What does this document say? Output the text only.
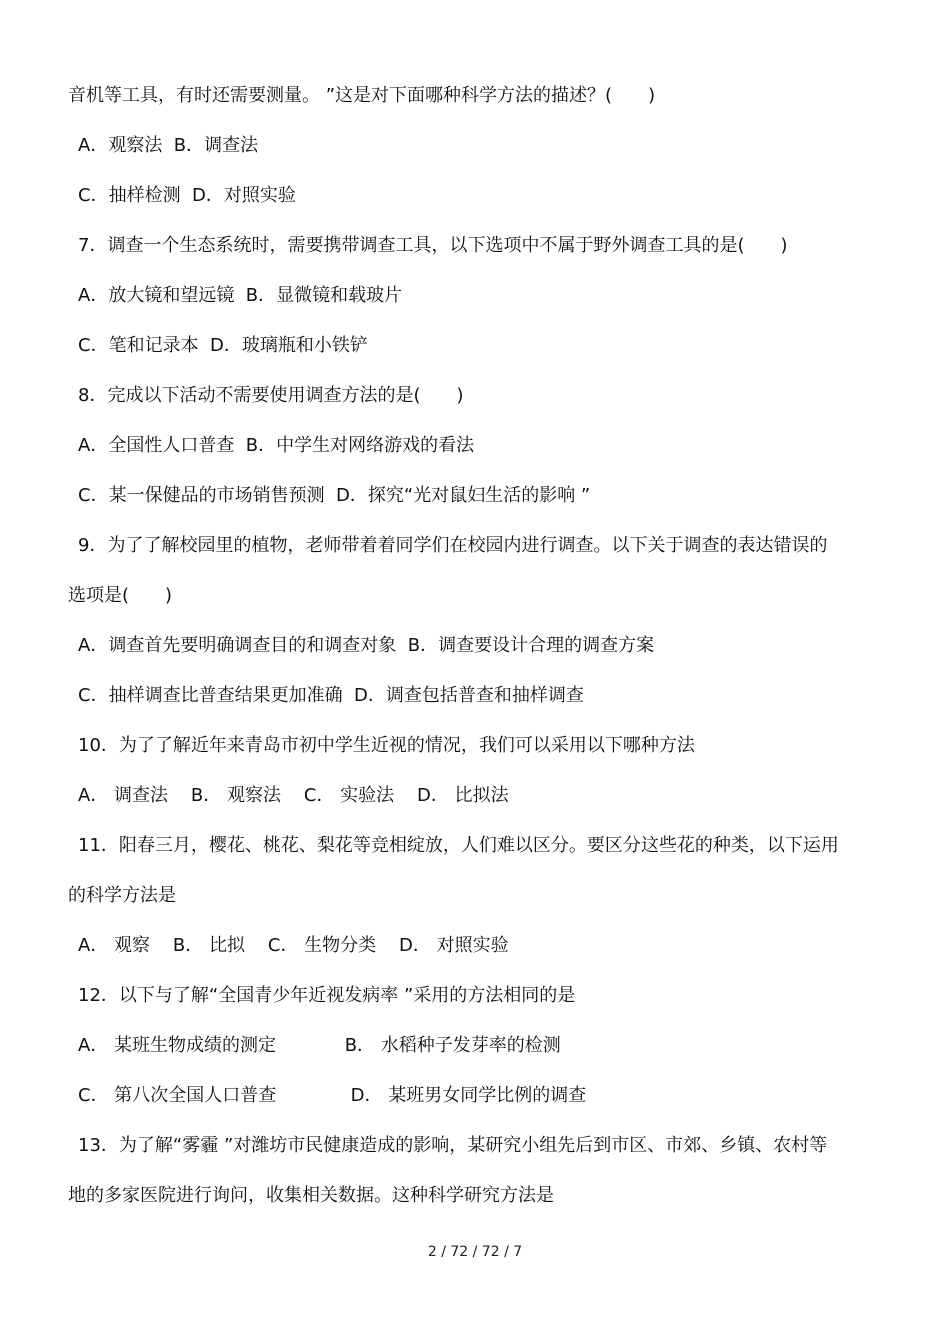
音机等工具，有时还需要测量。 ”这是对下面哪种科学方法的描述？(　　)
A．观察法  B．调查法
C．抽样检测  D．对照实验
7．调查一个生态系统时，需要携带调查工具，以下选项中不属于野外调查工具的是(　　)
A．放大镜和望远镜  B．显微镜和载玻片
C．笔和记录本  D．玻璃瓶和小铁铲
8．完成以下活动不需要使用调查方法的是(　　)
A．全国性人口普查  B．中学生对网络游戏的看法
C．某一保健品的市场销售预测  D．探究“光对鼠妇生活的影响 ”
9．为了了解校园里的植物，老师带着着同学们在校园内进行调查。以下关于调查的表达错误的
选项是(　　)
A．调查首先要明确调查目的和调查对象  B．调查要设计合理的调查方案
C．抽样调查比普查结果更加准确  D．调查包括普查和抽样调查
10．为了了解近年来青岛市初中学生近视的情况，我们可以采用以下哪种方法
A． 调查法    B． 观察法    C． 实验法    D． 比拟法
11．阳春三月，樱花、桃花、梨花等竞相绽放，人们难以区分。要区分这些花的种类，以下运用
的科学方法是
A． 观察    B． 比拟    C． 生物分类    D． 对照实验
12．以下与了解“全国青少年近视发病率 ”采用的方法相同的是
A． 某班生物成绩的测定            B． 水稻种子发芽率的检测
C． 第八次全国人口普查             D． 某班男女同学比例的调查
13．为了解“雾霾 ”对潍坊市民健康造成的影响，某研究小组先后到市区、市郊、乡镇、农村等
地的多家医院进行询问，收集相关数据。这种科学研究方法是
2 / 72 / 72 / 7
